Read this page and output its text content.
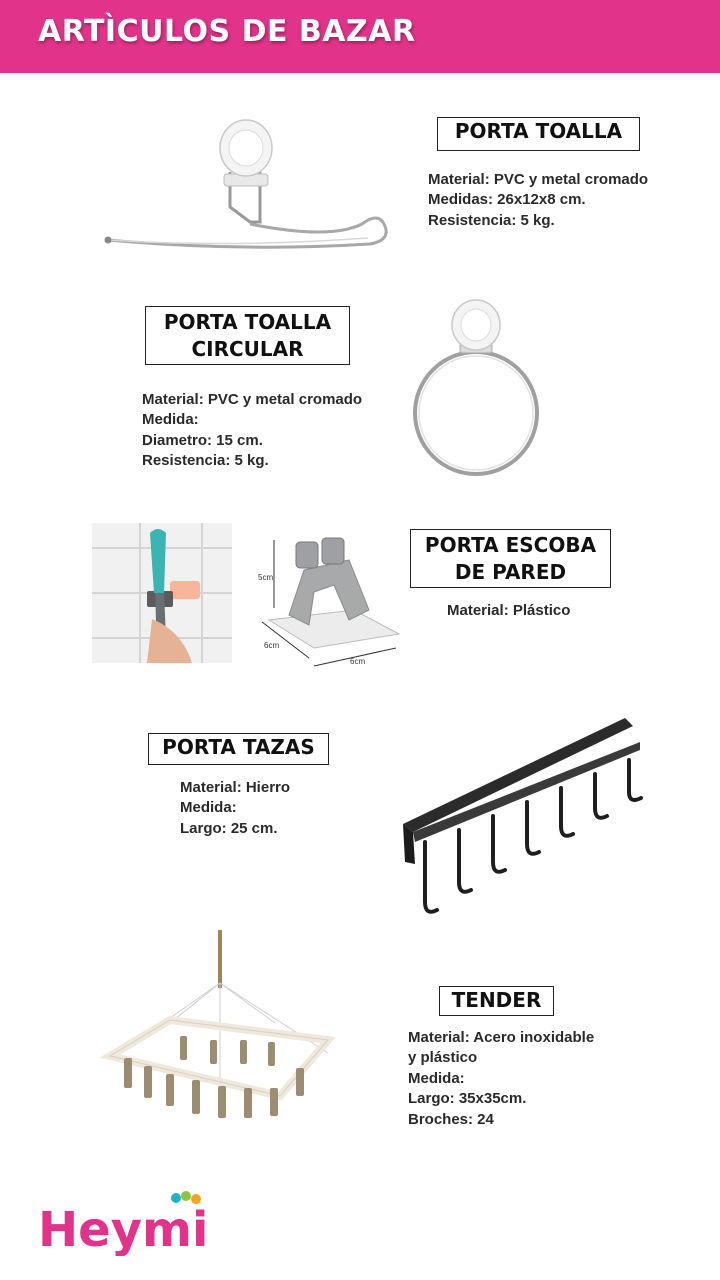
ARTÌCULOS DE BAZAR
PORTA TOALLA
Material: PVC y metal cromado
Medidas: 26x12x8 cm.
Resistencia: 5 kg.
PORTA TOALLA
CIRCULAR
Material: PVC y metal cromado
Medida:
Diametro: 15 cm.
Resistencia: 5 kg.
5cm
6cm
6cm
PORTA ESCOBA
DE PARED
Material: Plástico
PORTA TAZAS
Material: Hierro
Medida:
Largo: 25 cm.
TENDER
Material: Acero inoxidable
y plástico
Medida:
Largo: 35x35cm.
Broches: 24
Heymi
